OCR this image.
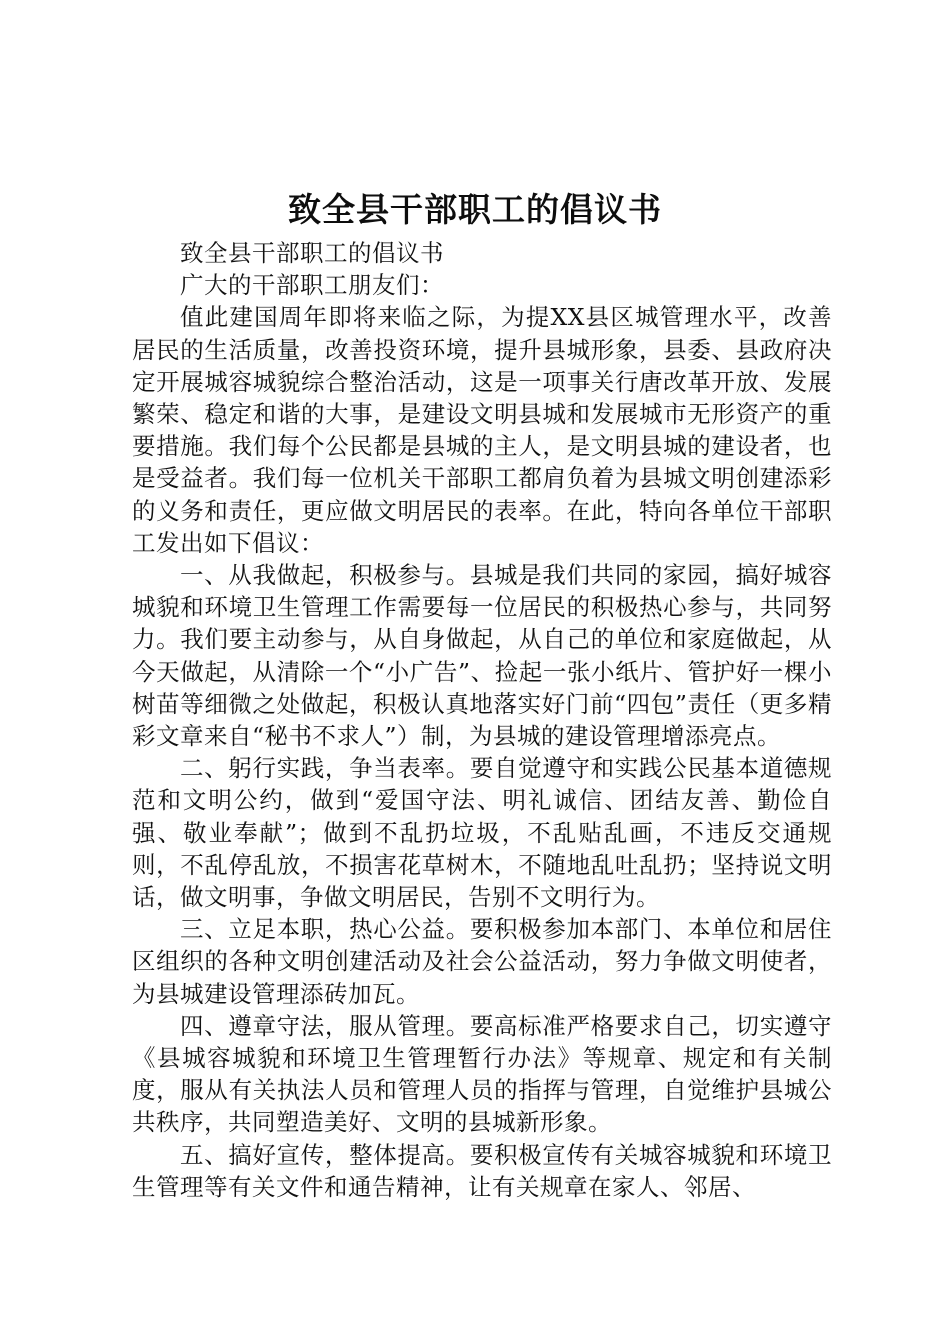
致全县干部职工的倡议书

致全县干部职工的倡议书

广大的干部职工朋友们：

值此建国周年即将来临之际，为提XX县区城管理水平，改善居民的生活质量，改善投资环境，提升县城形象，县委、县政府决定开展城容城貌综合整治活动，这是一项事关行唐改革开放、发展繁荣、稳定和谐的大事，是建设文明县城和发展城市无形资产的重要措施。我们每个公民都是县城的主人，是文明县城的建设者，也是受益者。我们每一位机关干部职工都肩负着为县城文明创建添彩的义务和责任，更应做文明居民的表率。在此，特向各单位干部职工发出如下倡议：

一、从我做起，积极参与。县城是我们共同的家园，搞好城容城貌和环境卫生管理工作需要每一位居民的积极热心参与，共同努力。我们要主动参与，从自身做起，从自己的单位和家庭做起，从今天做起，从清除一个“小广告”、捡起一张小纸片、管护好一棵小树苗等细微之处做起，积极认真地落实好门前“四包”责任（更多精彩文章来自“秘书不求人”）制，为县城的建设管理增添亮点。

二、躬行实践，争当表率。要自觉遵守和实践公民基本道德规范和文明公约，做到“爱国守法、明礼诚信、团结友善、勤俭自强、敬业奉献”；做到不乱扔垃圾，不乱贴乱画，不违反交通规则，不乱停乱放，不损害花草树木，不随地乱吐乱扔；坚持说文明话，做文明事，争做文明居民，告别不文明行为。

三、立足本职，热心公益。要积极参加本部门、本单位和居住区组织的各种文明创建活动及社会公益活动，努力争做文明使者，为县城建设管理添砖加瓦。

四、遵章守法，服从管理。要高标准严格要求自己，切实遵守《县城容城貌和环境卫生管理暂行办法》等规章、规定和有关制度，服从有关执法人员和管理人员的指挥与管理，自觉维护县城公共秩序，共同塑造美好、文明的县城新形象。

五、搞好宣传，整体提高。要积极宣传有关城容城貌和环境卫生管理等有关文件和通告精神，让有关规章在家人、邻居、
